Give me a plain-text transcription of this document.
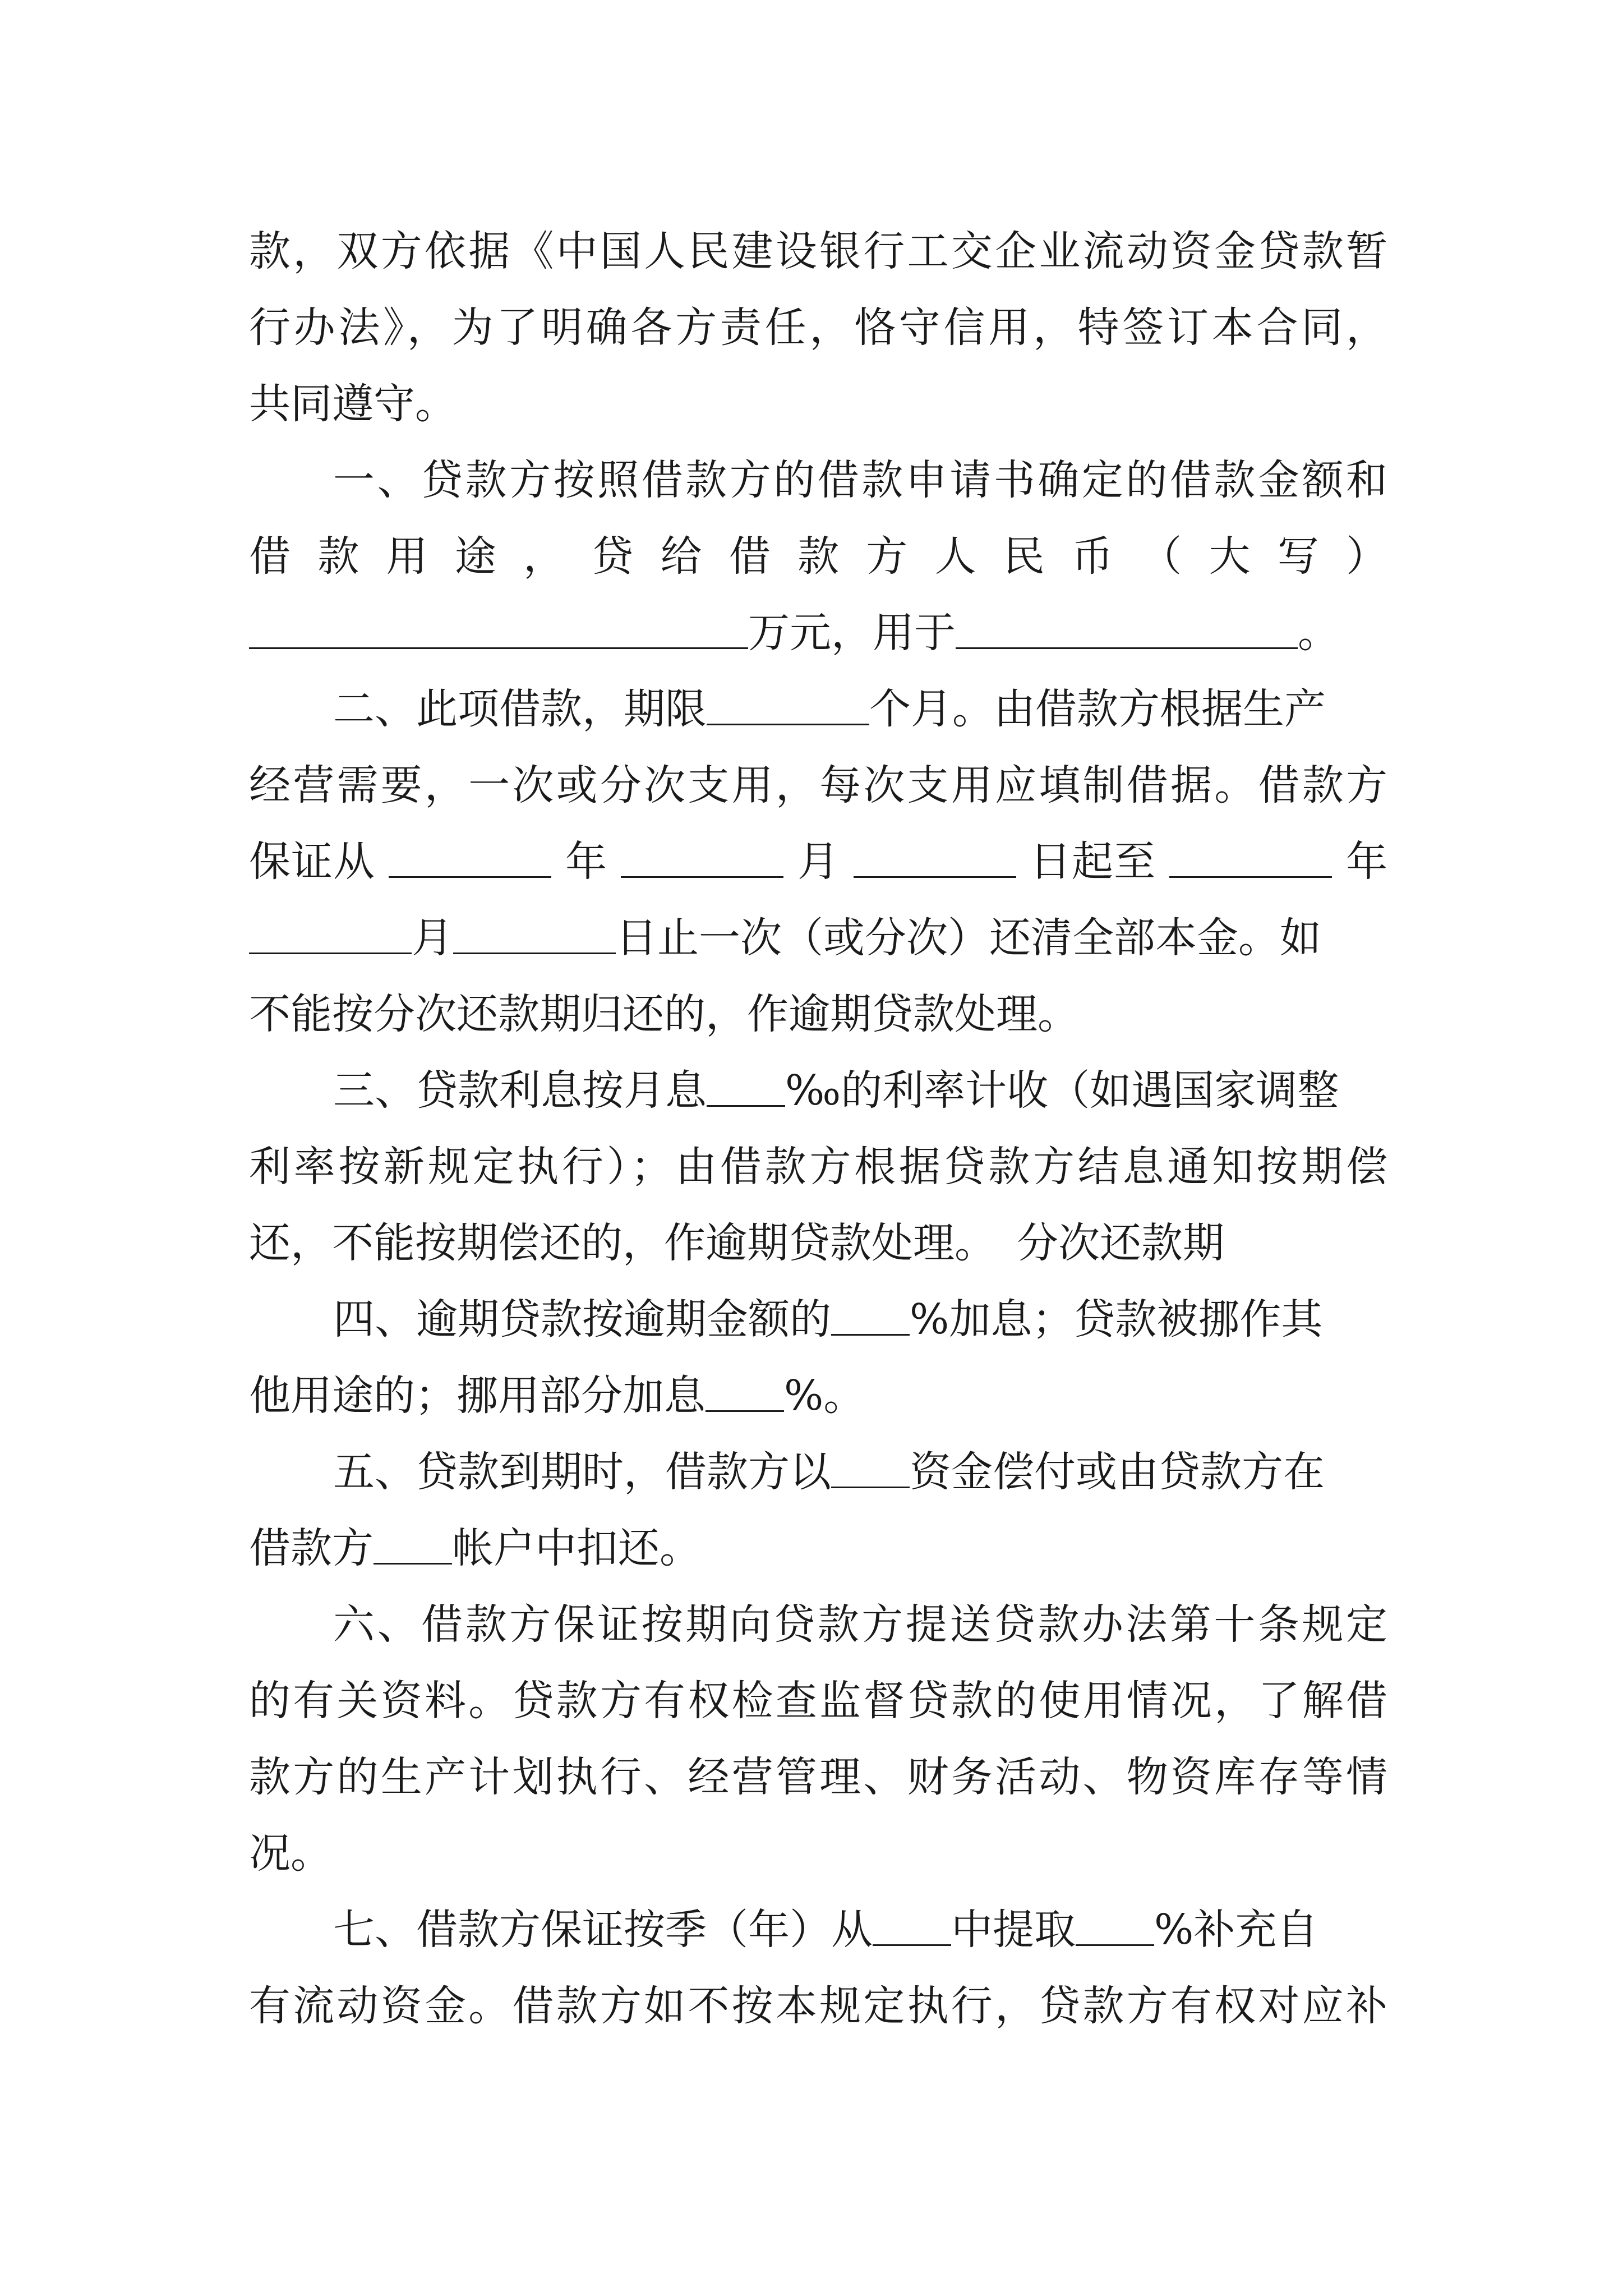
款，双方依据《中国人民建设银行工交企业流动资金贷款暂
行办法》，为了明确各方责任，恪守信用，特签订本合同，
共同遵守。
一、贷款方按照借款方的借款申请书确定的借款金额和
借 款 用 途 ， 贷 给 借 款 方 人 民 币 （ 大 写 ）
万元，用于	。
二、此项借款，期限	个月。由借款方根据生产
经营需要，一次或分次支用，每次支用应填制借据。借款方
保证从	年	月	日起至	年
月	日止一次（或分次）还清全部本金。如
不能按分次还款期归还的，作逾期贷款处理。
三、贷款利息按月息 ‰的利率计收（如遇国家调整
利率按新规定执行）；由借款方根据贷款方结息通知按期偿
还，不能按期偿还的，作逾期贷款处理。　分次还款期
四、逾期贷款按逾期金额的 %加息；贷款被挪作其
他用途的；挪用部分加息 %。
五、贷款到期时，借款方以 资金偿付或由贷款方在
借款方 帐户中扣还。
六、借款方保证按期向贷款方提送贷款办法第十条规定
的有关资料。贷款方有权检查监督贷款的使用情况，了解借
款方的生产计划执行、经营管理、财务活动、物资库存等情
况。
七、借款方保证按季（年）从 中提取 %补充自
有流动资金。借款方如不按本规定执行，贷款方有权对应补
